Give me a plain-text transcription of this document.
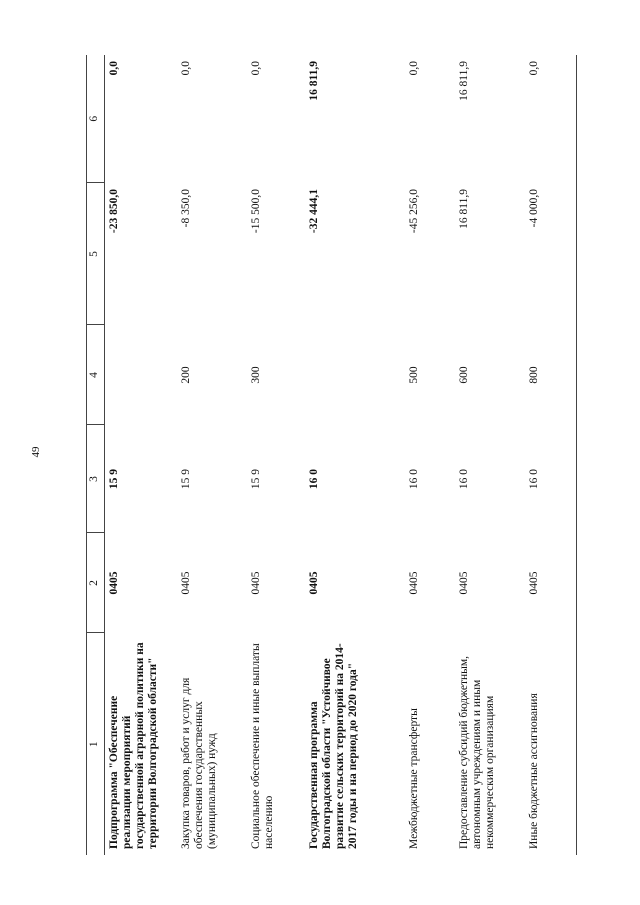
49
1	2	3	4	5	6
Подпрограмма "Обеспечение реализации мероприятий государственной аграрной политики на территории Волгоградской области"	0405	15 9		-23 850,0	0,0
Закупка товаров, работ и услуг для обеспечения государственных (муниципальных) нужд	0405	15 9	200	-8 350,0	0,0
Социальное обеспечение и иные выплаты населению	0405	15 9	300	-15 500,0	0,0
Государственная программа Волгоградской области "Устойчивое развитие сельских территорий на 2014-2017 годы и на период до 2020 года"	0405	16 0		-32 444,1	16 811,9
Межбюджетные трансферты	0405	16 0	500	-45 256,0	0,0
Предоставление субсидий бюджетным, автономным учреждениям и иным некоммерческим организациям	0405	16 0	600	16 811,9	16 811,9
Иные бюджетные ассигнования	0405	16 0	800	-4 000,0	0,0
